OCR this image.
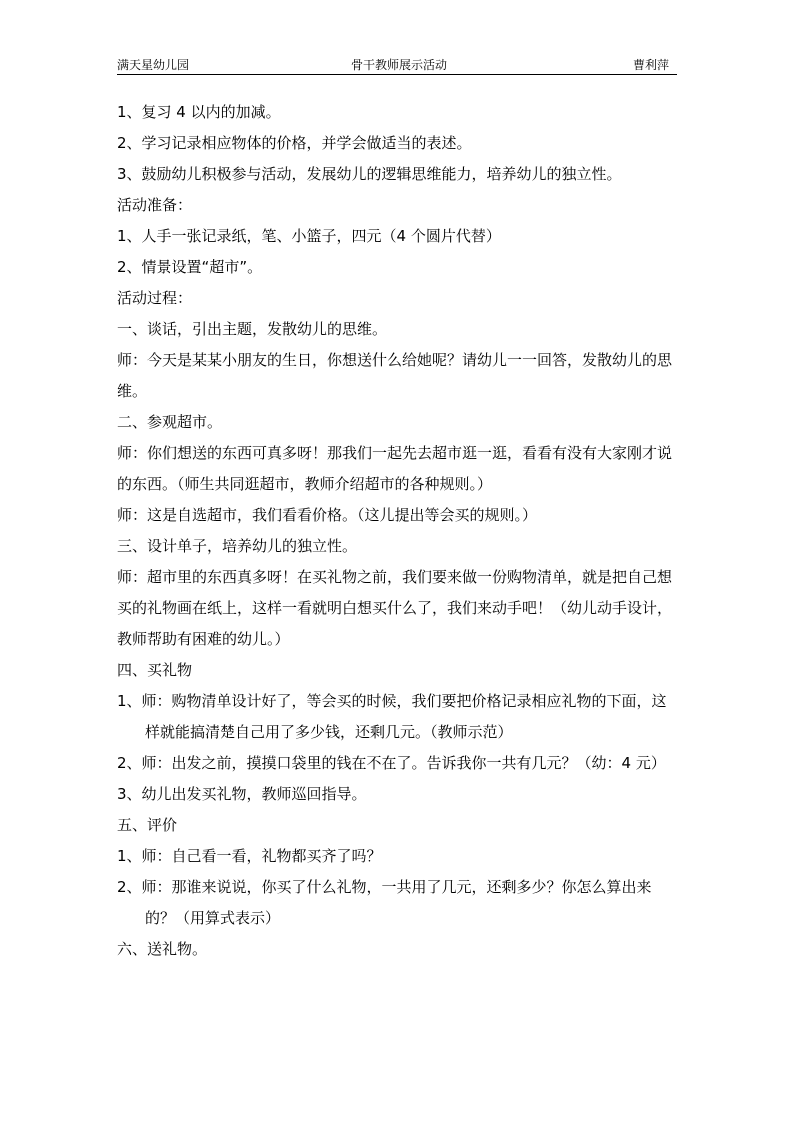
满天星幼儿园	骨干教师展示活动	曹利萍

1、复习 4 以内的加减。

2、学习记录相应物体的价格，并学会做适当的表述。

3、鼓励幼儿积极参与活动，发展幼儿的逻辑思维能力，培养幼儿的独立性。

活动准备：

1、人手一张记录纸，笔、小篮子，四元（4 个圆片代替）

2、情景设置“超市”。

活动过程：

一、谈话，引出主题，发散幼儿的思维。

师：今天是某某小朋友的生日，你想送什么给她呢？请幼儿一一回答，发散幼儿的思维。

二、参观超市。

师：你们想送的东西可真多呀！那我们一起先去超市逛一逛，看看有没有大家刚才说的东西。（师生共同逛超市，教师介绍超市的各种规则。）

师：这是自选超市，我们看看价格。（这儿提出等会买的规则。）

三、设计单子，培养幼儿的独立性。

师：超市里的东西真多呀！在买礼物之前，我们要来做一份购物清单，就是把自己想买的礼物画在纸上，这样一看就明白想买什么了，我们来动手吧！（幼儿动手设计，教师帮助有困难的幼儿。）

四、买礼物

1、师：购物清单设计好了，等会买的时候，我们要把价格记录相应礼物的下面，这样就能搞清楚自己用了多少钱，还剩几元。（教师示范）

2、师：出发之前，摸摸口袋里的钱在不在了。告诉我你一共有几元？（幼：4 元）

3、幼儿出发买礼物，教师巡回指导。

五、评价

1、师：自己看一看，礼物都买齐了吗？

2、师：那谁来说说，你买了什么礼物，一共用了几元，还剩多少？你怎么算出来的？（用算式表示）

六、送礼物。
